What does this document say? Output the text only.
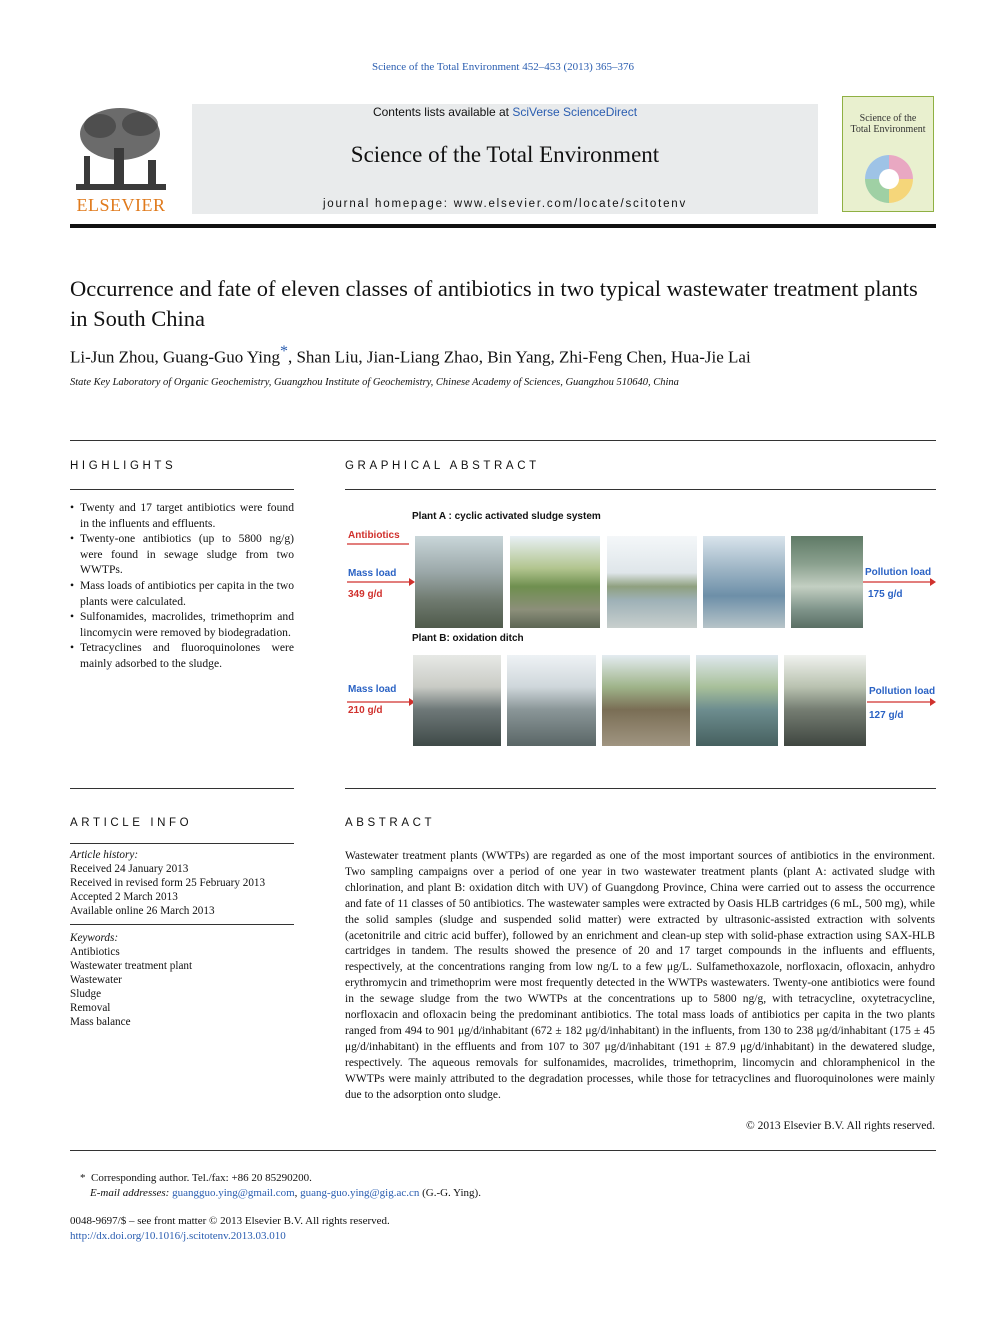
Science of the Total Environment 452–453 (2013) 365–376
ELSEVIER
Contents lists available at SciVerse ScienceDirect
Science of the Total Environment
journal homepage: www.elsevier.com/locate/scitotenv
Science of the
Total Environment
Occurrence and fate of eleven classes of antibiotics in two typical wastewater treatment plants in South China
Li-Jun Zhou, Guang-Guo Ying*, Shan Liu, Jian-Liang Zhao, Bin Yang, Zhi-Feng Chen, Hua-Jie Lai
State Key Laboratory of Organic Geochemistry, Guangzhou Institute of Geochemistry, Chinese Academy of Sciences, Guangzhou 510640, China
HIGHLIGHTS
• Twenty and 17 target antibiotics were found in the influents and effluents.
• Twenty-one antibiotics (up to 5800 ng/g) were found in sewage sludge from two WWTPs.
• Mass loads of antibiotics per capita in the two plants were calculated.
• Sulfonamides, macrolides, trimethoprim and lincomycin were removed by biodegradation.
• Tetracyclines and fluoroquinolones were mainly adsorbed to the sludge.
GRAPHICAL ABSTRACT
Plant A : cyclic activated sludge system
Antibiotics
Mass load
349 g/d
Pollution load
175 g/d
Plant B: oxidation ditch
Mass load
210 g/d
Pollution load
127 g/d
ARTICLE INFO
Article history:
Received 24 January 2013
Received in revised form 25 February 2013
Accepted 2 March 2013
Available online 26 March 2013
Keywords:
Antibiotics
Wastewater treatment plant
Wastewater
Sludge
Removal
Mass balance
ABSTRACT
Wastewater treatment plants (WWTPs) are regarded as one of the most important sources of antibiotics in the environment. Two sampling campaigns over a period of one year in two wastewater treatment plants (plant A: activated sludge with chlorination, and plant B: oxidation ditch with UV) of Guangdong Province, China were carried out to assess the occurrence and fate of 11 classes of 50 antibiotics. The wastewater samples were extracted by Oasis HLB cartridges (6 mL, 500 mg), while the solid samples (sludge and suspended solid matter) were extracted by ultrasonic-assisted extraction with solvents (acetonitrile and citric acid buffer), followed by an enrichment and clean-up step with solid-phase extraction using SAX-HLB cartridges in tandem. The results showed the presence of 20 and 17 target compounds in the influents and effluents, respectively, at the concentrations ranging from low ng/L to a few μg/L. Sulfamethoxazole, norfloxacin, ofloxacin, anhydro erythromycin and trimethoprim were most frequently detected in the WWTPs wastewaters. Twenty-one antibiotics were found in the sewage sludge from the two WWTPs at the concentrations up to 5800 ng/g, with tetracycline, oxytetracycline, norfloxacin and ofloxacin being the predominant antibiotics. The total mass loads of antibiotics per capita in the two plants ranged from 494 to 901 μg/d/inhabitant (672 ± 182 μg/d/inhabitant) in the influents, from 130 to 238 μg/d/inhabitant (175 ± 45 μg/d/inhabitant) in the effluents and from 107 to 307 μg/d/inhabitant (191 ± 87.9 μg/d/inhabitant) in the dewatered sludge, respectively. The aqueous removals for sulfonamides, macrolides, trimethoprim, lincomycin and chloramphenicol in the WWTPs were mainly attributed to the degradation processes, while those for tetracyclines and fluoroquinolones were mainly due to the adsorption onto sludge.
© 2013 Elsevier B.V. All rights reserved.
*  Corresponding author. Tel./fax: +86 20 85290200.
E-mail addresses: guangguo.ying@gmail.com, guang-guo.ying@gig.ac.cn (G.-G. Ying).
0048-9697/$ – see front matter © 2013 Elsevier B.V. All rights reserved.
http://dx.doi.org/10.1016/j.scitotenv.2013.03.010
